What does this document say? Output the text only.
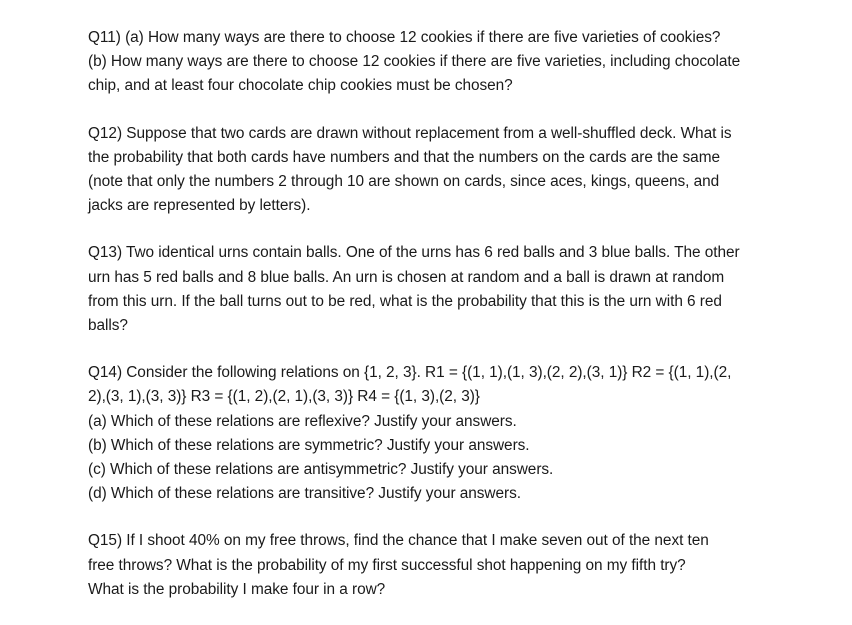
Q11) (a) How many ways are there to choose 12 cookies if there are five varieties of cookies?
(b) How many ways are there to choose 12 cookies if there are five varieties, including chocolate
chip, and at least four chocolate chip cookies must be chosen?
Q12) Suppose that two cards are drawn without replacement from a well-shuffled deck. What is
the probability that both cards have numbers and that the numbers on the cards are the same
(note that only the numbers 2 through 10 are shown on cards, since aces, kings, queens, and
jacks are represented by letters).
Q13) Two identical urns contain balls. One of the urns has 6 red balls and 3 blue balls. The other
urn has 5 red balls and 8 blue balls. An urn is chosen at random and a ball is drawn at random
from this urn. If the ball turns out to be red, what is the probability that this is the urn with 6 red
balls?
Q14) Consider the following relations on {1, 2, 3}. R1 = {(1, 1),(1, 3),(2, 2),(3, 1)} R2 = {(1, 1),(2,
2),(3, 1),(3, 3)} R3 = {(1, 2),(2, 1),(3, 3)} R4 = {(1, 3),(2, 3)}
(a) Which of these relations are reflexive? Justify your answers.
(b) Which of these relations are symmetric? Justify your answers.
(c) Which of these relations are antisymmetric? Justify your answers.
(d) Which of these relations are transitive? Justify your answers.
Q15) If I shoot 40% on my free throws, find the chance that I make seven out of the next ten
free throws? What is the probability of my first successful shot happening on my fifth try?
What is the probability I make four in a row?
